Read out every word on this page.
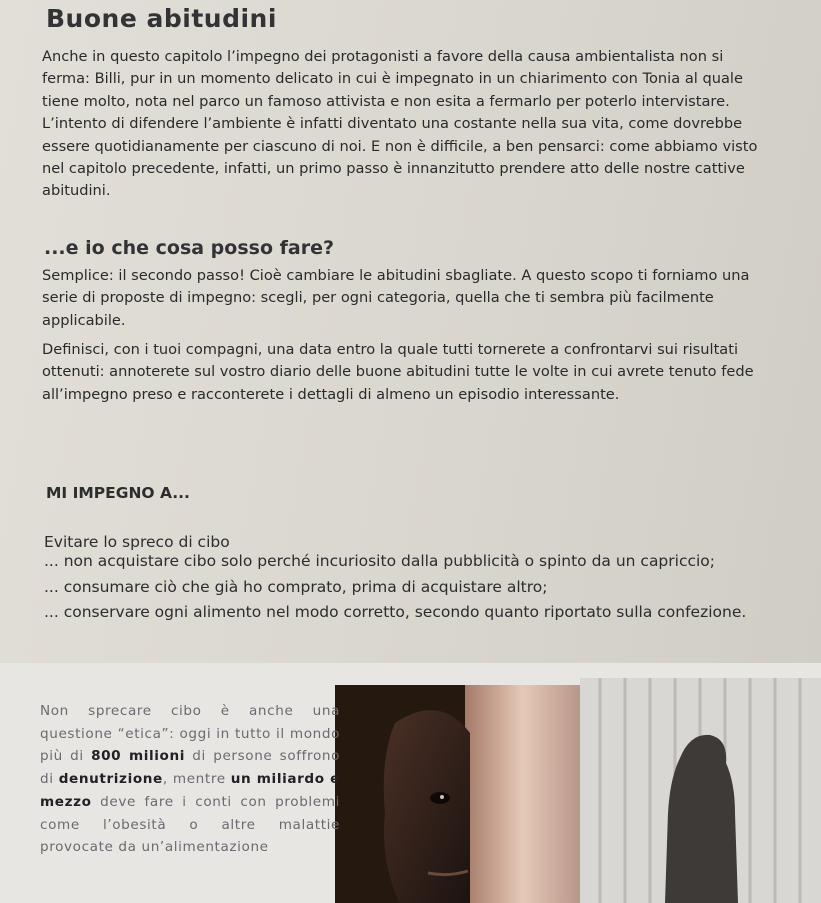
Buone abitudini

Anche in questo capitolo l’impegno dei protagonisti a favore della causa ambientalista non si ferma: Billi, pur in un momento delicato in cui è impegnato in un chiarimento con Tonia al quale tiene molto, nota nel parco un famoso attivista e non esita a fermarlo per poterlo intervistare. L’intento di difendere l’ambiente è infatti diventato una costante nella sua vita, come dovrebbe essere quotidianamente per ciascuno di noi. E non è difficile, a ben pensarci: come abbiamo visto nel capitolo precedente, infatti, un primo passo è innanzitutto prendere atto delle nostre cattive abitudini.

...e io che cosa posso fare?

Semplice: il secondo passo! Cioè cambiare le abitudini sbagliate. A questo scopo ti forniamo una serie di proposte di impegno: scegli, per ogni categoria, quella che ti sembra più facilmente applicabile.

Definisci, con i tuoi compagni, una data entro la quale tutti tornerete a confrontarvi sui risultati ottenuti: annoterete sul vostro diario delle buone abitudini tutte le volte in cui avrete tenuto fede all’impegno preso e racconterete i dettagli di almeno un episodio interessante.

MI IMPEGNO A...
Evitare lo spreco di cibo
... non acquistare cibo solo perché incuriosito dalla pubblicità o spinto da un capriccio;
... consumare ciò che già ho comprato, prima di acquistare altro;
... conservare ogni alimento nel modo corretto, secondo quanto riportato sulla confezione.

Non sprecare cibo è anche una questione “etica”: oggi in tutto il mondo più di 800 milioni di persone soffrono di denutrizione, mentre un miliardo e mezzo deve fare i conti con problemi come l’obesità o altre malattie provocate da un’alimentazione
